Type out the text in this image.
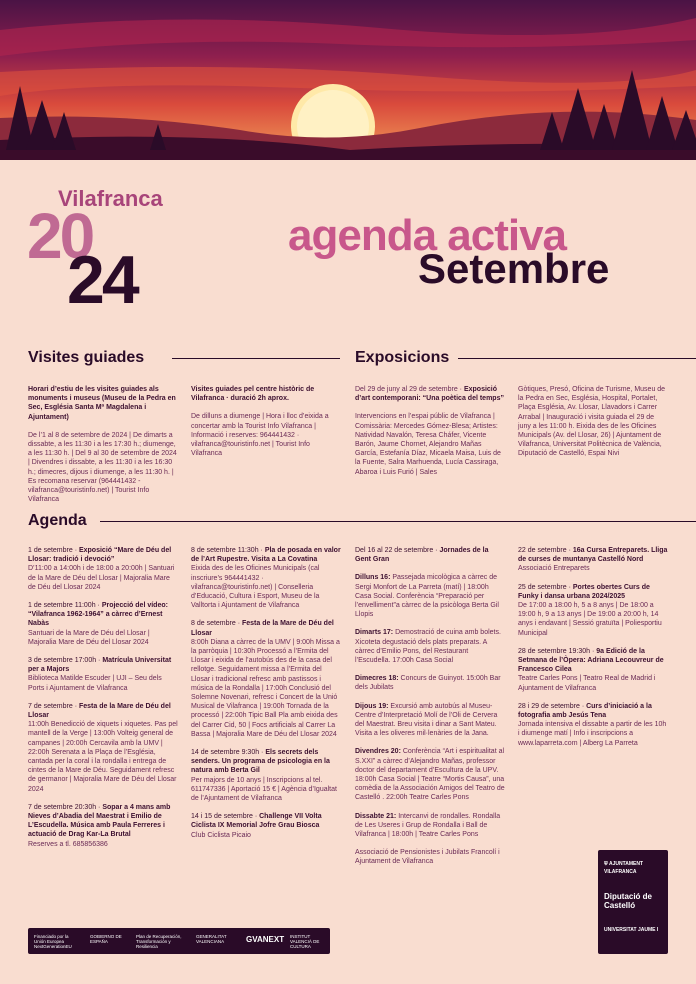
Vilafranca
20
24
agenda activa
Setembre
Visites guiades	Exposicions

Horari d’estiu de les visites guiades als monuments i museus (Museu de la Pedra en Sec, Església Santa Mª Magdalena i Ajuntament)

De l’1 al 8 de setembre de 2024 | De dimarts a dissabte, a les 11:30 i a les 17:30 h.; diumenge, a les 11:30 h. | Del 9 al 30 de setembre de 2024 | Divendres i dissabte, a les 11:30 i a les 16:30 h.; dimecres, dijous i diumenge, a les 11:30 h. | Es recomana reservar (964441432 - vilafranca@touristinfo.net) | Tourist Info Vilafranca

Visites guiades pel centre històric de Vilafranca · duració 2h aprox.

De dilluns a diumenge | Hora i lloc d’eixida a concertar amb la Tourist Info Vilafranca | Informació i reserves: 964441432 · vilafranca@touristinfo.net | Tourist Info Vilafranca

Del 29 de juny al 29 de setembre · Exposició d’art contemporani: “Una poètica del temps”

Intervencions en l’espai públic de Vilafranca | Comissària: Mercedes Gómez-Blesa; Artistes: Natividad Navalón, Teresa Cháfer, Vicente Barón, Jaume Chornet, Alejandro Mañas García, Estefanía Díaz, Micaela Maisa, Luis de la Fuente, Salra Marhuenda, Lucía Cassiraga, Abaroa i Luis Furió | Sales

Gòtiques, Presó, Oficina de Turisme, Museu de la Pedra en Sec, Església, Hospital, Portalet, Plaça Església, Av. Llosar, Llavadors i Carrer Arrabal | Inauguració i visita guiada el 29 de juny a les 11:00 h. Eixida des de les Oficines Municipals (Av. del Llosar, 26) | Ajuntament de Vilafranca, Universitat Politècnica de València, Diputació de Castelló, Espai Nivi

Agenda
1 de setembre · Exposició “Mare de Déu del Llosar: tradició i devoció”
D’11:00 a 14:00h i de 18:00 a 20:00h | Santuari de la Mare de Déu del Llosar | Majoralia Mare de Déu del Llosar 2024
1 de setembre 11:00h · Projecció del vídeo: “Vilafranca 1962-1964” a càrrec d’Ernest Nabàs
Santuari de la Mare de Déu del Llosar | Majoralia Mare de Déu del Llosar 2024
3 de setembre 17:00h · Matrícula Universitat per a Majors
Biblioteca Matilde Escuder | UJI – Seu dels Ports i Ajuntament de Vilafranca
7 de setembre · Festa de la Mare de Déu del Llosar
11:00h Benedicció de xiquets i xiquetes. Pas pel mantell de la Verge | 13:00h Volteig general de campanes | 20:00h Cercavila amb la UMV | 22:00h Serenata a la Plaça de l’Església, cantada per la coral i la rondalla i entrega de cintes de la Mare de Déu. Seguidament refresc de germanor | Majoralia Mare de Déu del Llosar 2024
7 de setembre 20:30h · Sopar a 4 mans amb Nieves d’Abadia del Maestrat i Emilio de L’Escudella. Música amb Paula Ferreres i actuació de Drag Kar-La Brutal
Reserves a tl. 685856386
8 de setembre 11:30h · Pla de posada en valor de l’Art Rupestre. Visita a La Covatina
Eixida des de les Oficines Municipals (cal inscriure’s 964441432 · vilafranca@touristinfo.net) | Conselleria d’Educació, Cultura i Esport, Museu de la Valltorta i Ajuntament de Vilafranca
8 de setembre · Festa de la Mare de Déu del Llosar
8:00h Diana a càrrec de la UMV | 9:00h Missa a la parròquia | 10:30h Processó a l’Ermita del Llosar i eixida de l’autobús des de la casa del rellotge. Seguidament missa a l’Ermita del Llosar i tradicional refresc amb pastissos i música de la Rondalla | 17:00h Conclusió del Solemne Novenari, refresc i Concert de la Unió Musical de Vilafranca | 19:00h Tornada de la processó | 22:00h Tipic Ball Pla amb eixida des del Carrer Cid, 50 | Focs artificials al Carrer La Bassa | Majoralia Mare de Déu del Llosar 2024
14 de setembre 9:30h · Els secrets dels senders. Un programa de psicologia en la natura amb Berta Gil
Per majors de 10 anys | Inscripcions al tel. 611747336 | Aportació 15 € | Agència d’Igualtat de l’Ajuntament de Vilafranca
14 i 15 de setembre · Challenge VII Volta Ciclista IX Memorial Jofre Grau Biosca
Club Ciclista Picaio
Del 16 al 22 de setembre · Jornades de la Gent Gran
Dilluns 16: Passejada micològica a càrrec de Sergi Monfort de La Parreta (matí) | 18:00h Casa Social. Conferència “Preparació per l’envelliment”a càrrec de la psicòloga Berta Gil Llopis
Dimarts 17: Demostració de cuina amb bolets. Xicoteta degustació dels plats preparats. A càrrec d’Emilio Pons, del Restaurant l’Escudella. 17:00h Casa Social
Dimecres 18: Concurs de Guinyot. 15:00h Bar dels Jubilats
Dijous 19: Excursió amb autobús al Museu-Centre d’Interpretació Molí de l’Oli de Cervera del Maestrat. Breu visita i dinar a Sant Mateu. Visita a les oliveres mil·lenàries de la Jana.
Divendres 20: Conferència “Art i espiritualitat al S.XXI” a càrrec d’Alejandro Mañas, professor doctor del departament d’Escultura de la UPV. 18:00h Casa Social | Teatre “Mortis Causa”, una comèdia de la Associación Amigos del Teatro de Castelló . 22:00h Teatre Carles Pons
Dissabte 21: Intercanvi de rondalles. Rondalla de Les Useres i Grup de Rondalla i Ball de Vilafranca | 18:00h | Teatre Carles Pons
Associació de Pensionistes i Jubilats Francolí i Ajuntament de Vilafranca
22 de setembre · 16a Cursa Entreparets. Lliga de curses de muntanya Castelló Nord
Associació Entreparets
25 de setembre · Portes obertes Curs de Funky i dansa urbana 2024/2025
De 17:00 a 18:00 h, 5 a 8 anys | De 18:00 a 19:00 h, 9 a 13 anys | De 19:00 a 20:00 h, 14 anys i endavant | Sessió gratuïta | Poliesportiu Municipal
28 de setembre 19:30h · 9a Edició de la Setmana de l’Òpera: Adriana Lecouvreur de Francesco Cilea
Teatre Carles Pons | Teatro Real de Madrid i Ajuntament de Vilafranca
28 i 29 de setembre · Curs d’iniciació a la fotografia amb Jesús Tena
Jornada intensiva el dissabte a partir de les 10h i diumenge matí | Info i inscripcions a www.laparreta.com | Alberg La Parreta
⛨ AJUNTAMENT VILAFRANCA
Diputació de Castelló
UNIVERSITAT JAUME I
Financiado por la Unión Europea NextGenerationEU
GOBIERNO DE ESPAÑA
Plan de Recuperación, Transformación y Resiliencia
GENERALITAT VALENCIANA	GVANEXT INSTITUT VALENCIÀ DE CULTURA
